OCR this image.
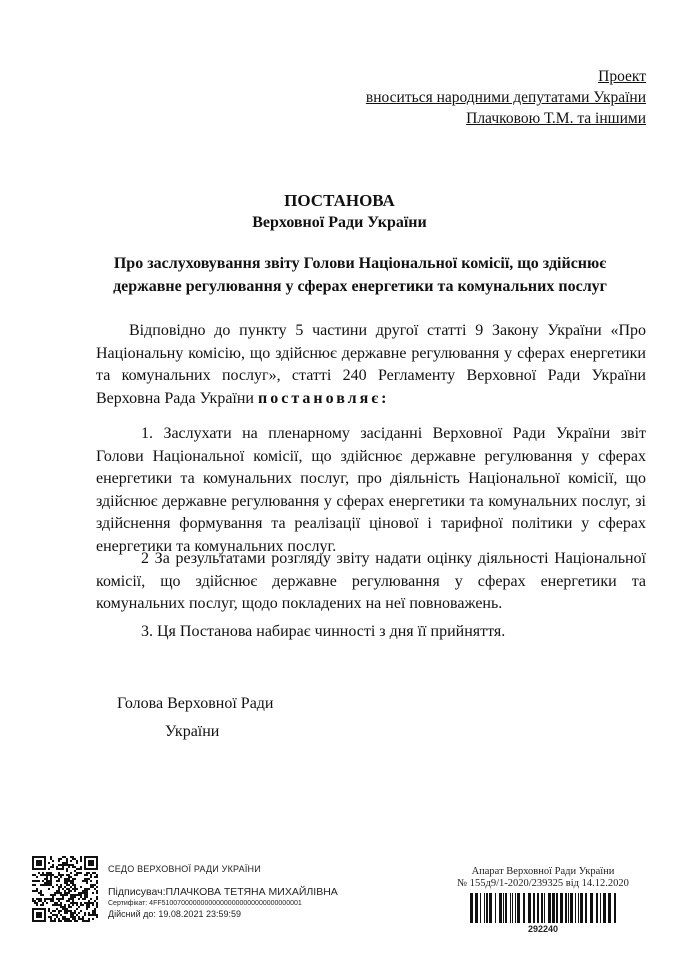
Проект
вноситься народними депутатами України
Плачковою Т.М. та іншими
ПОСТАНОВА
Верховної Ради України
Про заслуховування звіту Голови Національної комісії, що здійснює
державне регулювання у сферах енергетики та комунальних послуг
Відповідно до пункту 5 частини другої статті 9 Закону України «Про Національну комісію, що здійснює державне регулювання у сферах енергетики та комунальних послуг», статті 240 Регламенту Верховної Ради України Верховна Рада України постановляє:
1. Заслухати на пленарному засіданні Верховної Ради України звіт Голови Національної комісії, що здійснює державне регулювання у сферах енергетики та комунальних послуг, про діяльність Національної комісії, що здійснює державне регулювання у сферах енергетики та комунальних послуг, зі здійснення формування та реалізації цінової і тарифної політики у сферах енергетики та комунальних послуг.
2 За результатами розгляду звіту надати оцінку діяльності Національної комісії, що здійснює державне регулювання у сферах енергетики та комунальних послуг, щодо покладених на неї повноважень.
3. Ця Постанова набирає чинності з дня її прийняття.
Голова Верховної Ради
України
СЕДО ВЕРХОВНОЇ РАДИ УКРАЇНИ
Підписувач:ПЛАЧКОВА ТЕТЯНА МИХАЙЛІВНА
Сертифікат: 4FF510070000000000000000000000000000001
Дійсний до: 19.08.2021 23:59:59
Апарат Верховної Ради України
№ 155д9/1-2020/239325 від 14.12.2020
292240
